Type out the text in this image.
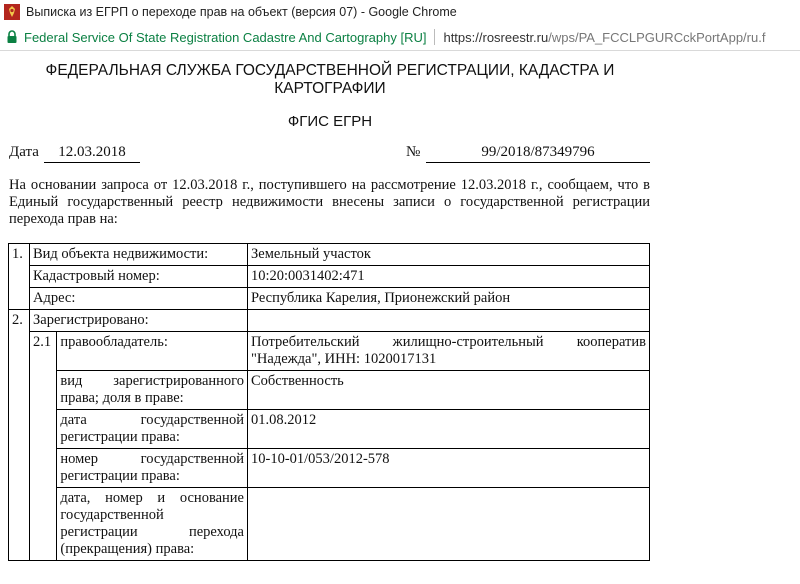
Выписка из ЕГРП о переходе прав на объект (версия 07) - Google Chrome
Federal Service Of State Registration Cadastre And Cartography [RU] https://rosreestr.ru /wps/PA_FCCLPGURCckPortApp/ru.f
ФЕДЕРАЛЬНАЯ СЛУЖБА ГОСУДАРСТВЕННОЙ РЕГИСТРАЦИИ, КАДАСТРА И КАРТОГРАФИИ
ФГИС ЕГРН
Дата	12.03.2018	№	99/2018/87349796
На основании запроса от 12.03.2018 г., поступившего на рассмотрение 12.03.2018 г., сообщаем, что в Единый государственный реестр недвижимости внесены записи о государственной регистрации перехода прав на:
1.	Вид объекта недвижимости:		Земельный участок
	Кадастровый номер:		10:20:0031402:471
	Адрес:		Республика Карелия, Прионежский район
2.	Зарегистрировано:		
	2.1	правообладатель:	Потребительский жилищно-строительный кооператив "Надежда", ИНН: 1020017131
		вид зарегистрированного права; доля в праве:	Собственность
		дата государственной регистрации права:	01.08.2012
		номер государственной регистрации права:	10-10-01/053/2012-578
		дата, номер и основание государственной регистрации перехода (прекращения) права:	
